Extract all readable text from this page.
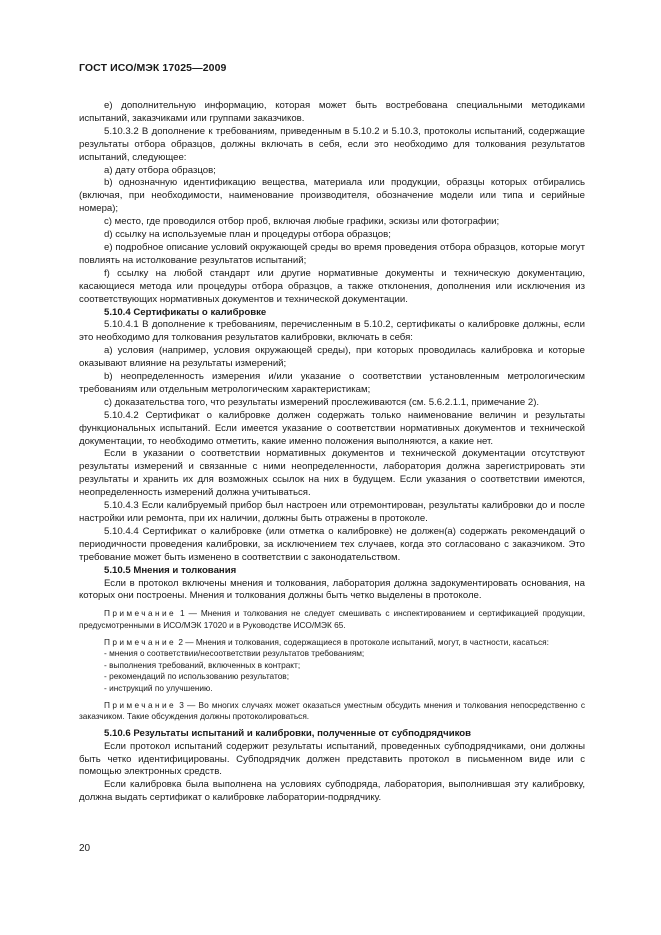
ГОСТ ИСО/МЭК 17025—2009

e) дополнительную информацию, которая может быть востребована специальными методиками испытаний, заказчиками или группами заказчиков.

5.10.3.2 В дополнение к требованиям, приведенным в 5.10.2 и 5.10.3, протоколы испытаний, содержащие результаты отбора образцов, должны включать в себя, если это необходимо для толкования результатов испытаний, следующее:

a) дату отбора образцов;

b) однозначную идентификацию вещества, материала или продукции, образцы которых отбирались (включая, при необходимости, наименование производителя, обозначение модели или типа и серийные номера);

c) место, где проводился отбор проб, включая любые графики, эскизы или фотографии;

d) ссылку на используемые план и процедуры отбора образцов;

e) подробное описание условий окружающей среды во время проведения отбора образцов, которые могут повлиять на истолкование результатов испытаний;

f) ссылку на любой стандарт или другие нормативные документы и техническую документацию, касающиеся метода или процедуры отбора образцов, а также отклонения, дополнения или исключения из соответствующих нормативных документов и технической документации.

5.10.4 Сертификаты о калибровке

5.10.4.1 В дополнение к требованиям, перечисленным в 5.10.2, сертификаты о калибровке должны, если это необходимо для толкования результатов калибровки, включать в себя:

a) условия (например, условия окружающей среды), при которых проводилась калибровка и которые оказывают влияние на результаты измерений;

b) неопределенность измерения и/или указание о соответствии установленным метрологическим требованиям или отдельным метрологическим характеристикам;

c) доказательства того, что результаты измерений прослеживаются (см. 5.6.2.1.1, примечание 2).

5.10.4.2 Сертификат о калибровке должен содержать только наименование величин и результаты функциональных испытаний. Если имеется указание о соответствии нормативных документов и технической документации, то необходимо отметить, какие именно положения выполняются, а какие нет.

Если в указании о соответствии нормативных документов и технической документации отсутствуют результаты измерений и связанные с ними неопределенности, лаборатория должна зарегистрировать эти результаты и хранить их для возможных ссылок на них в будущем. Если указания о соответствии имеются, неопределенность измерений должна учитываться.

5.10.4.3 Если калибруемый прибор был настроен или отремонтирован, результаты калибровки до и после настройки или ремонта, при их наличии, должны быть отражены в протоколе.

5.10.4.4 Сертификат о калибровке (или отметка о калибровке) не должен(а) содержать рекомендаций о периодичности проведения калибровки, за исключением тех случаев, когда это согласовано с заказчиком. Это требование может быть изменено в соответствии с законодательством.

5.10.5 Мнения и толкования

Если в протокол включены мнения и толкования, лаборатория должна задокументировать основания, на которых они построены. Мнения и толкования должны быть четко выделены в протоколе.

Примечание 1 — Мнения и толкования не следует смешивать с инспектированием и сертификацией продукции, предусмотренными в ИСО/МЭК 17020 и в Руководстве ИСО/МЭК 65.

Примечание 2 — Мнения и толкования, содержащиеся в протоколе испытаний, могут, в частности, касаться:

- мнения о соответствии/несоответствии результатов требованиям;
- выполнения требований, включенных в контракт;
- рекомендаций по использованию результатов;
- инструкций по улучшению.

Примечание 3 — Во многих случаях может оказаться уместным обсудить мнения и толкования непосредственно с заказчиком. Такие обсуждения должны протоколироваться.

5.10.6 Результаты испытаний и калибровки, полученные от субподрядчиков

Если протокол испытаний содержит результаты испытаний, проведенных субподрядчиками, они должны быть четко идентифицированы. Субподрядчик должен представить протокол в письменном виде или с помощью электронных средств.

Если калибровка была выполнена на условиях субподряда, лаборатория, выполнившая эту калибровку, должна выдать сертификат о калибровке лаборатории-подрядчику.

20
